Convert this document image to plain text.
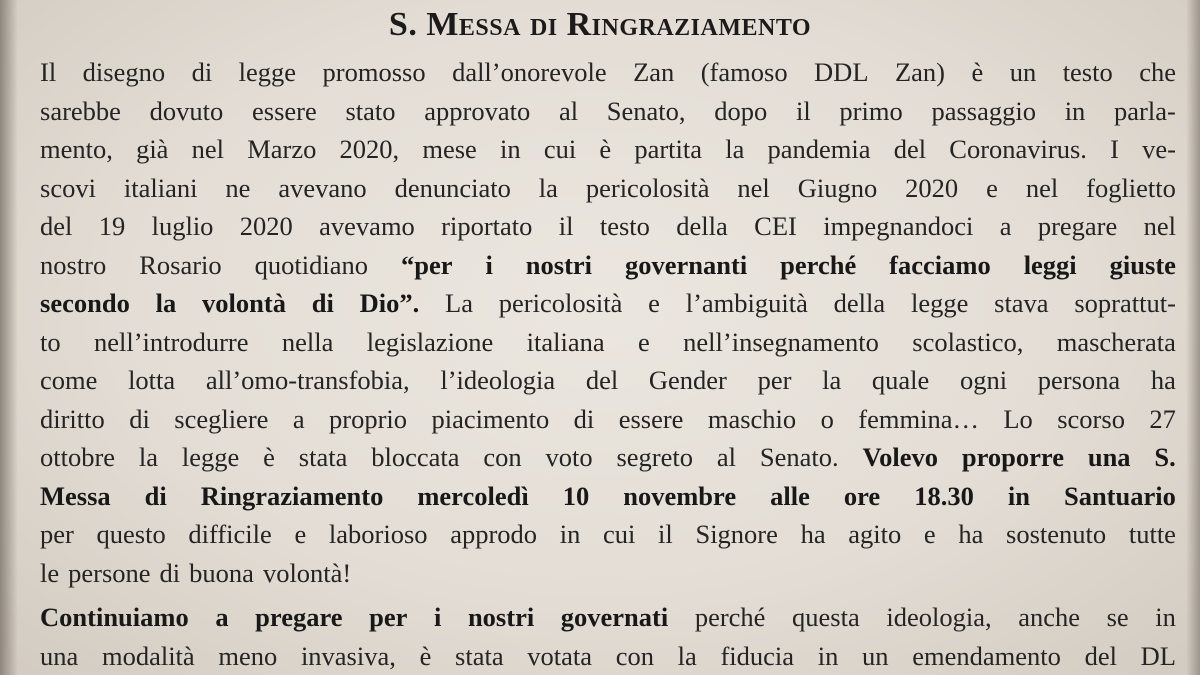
S. Messa di Ringraziamento
Il disegno di legge promosso dall’onorevole Zan (famoso DDL Zan) è un testo che
sarebbe dovuto essere stato approvato al Senato, dopo il primo passaggio in parla-
mento, già nel Marzo 2020, mese in cui è partita la pandemia del Coronavirus. I ve-
scovi italiani ne avevano denunciato la pericolosità nel Giugno 2020 e nel foglietto
del 19 luglio 2020 avevamo riportato il testo della CEI impegnandoci a pregare nel
nostro Rosario quotidiano “per i nostri governanti perché facciamo leggi giuste
secondo la volontà di Dio”. La pericolosità e l’ambiguità della legge stava soprattut-
to nell’introdurre nella legislazione italiana e nell’insegnamento scolastico, mascherata
come lotta all’omo-transfobia, l’ideologia del Gender per la quale ogni persona ha
diritto di scegliere a proprio piacimento di essere maschio o femmina… Lo scorso 27
ottobre la legge è stata bloccata con voto segreto al Senato. Volevo proporre una S.
Messa di Ringraziamento mercoledì 10 novembre alle ore 18.30 in Santuario
per questo difficile e laborioso approdo in cui il Signore ha agito e ha sostenuto tutte
le persone di buona volontà!
Continuiamo a pregare per i nostri governati perché questa ideologia, anche se in
una modalità meno invasiva, è stata votata con la fiducia in un emendamento del DL
